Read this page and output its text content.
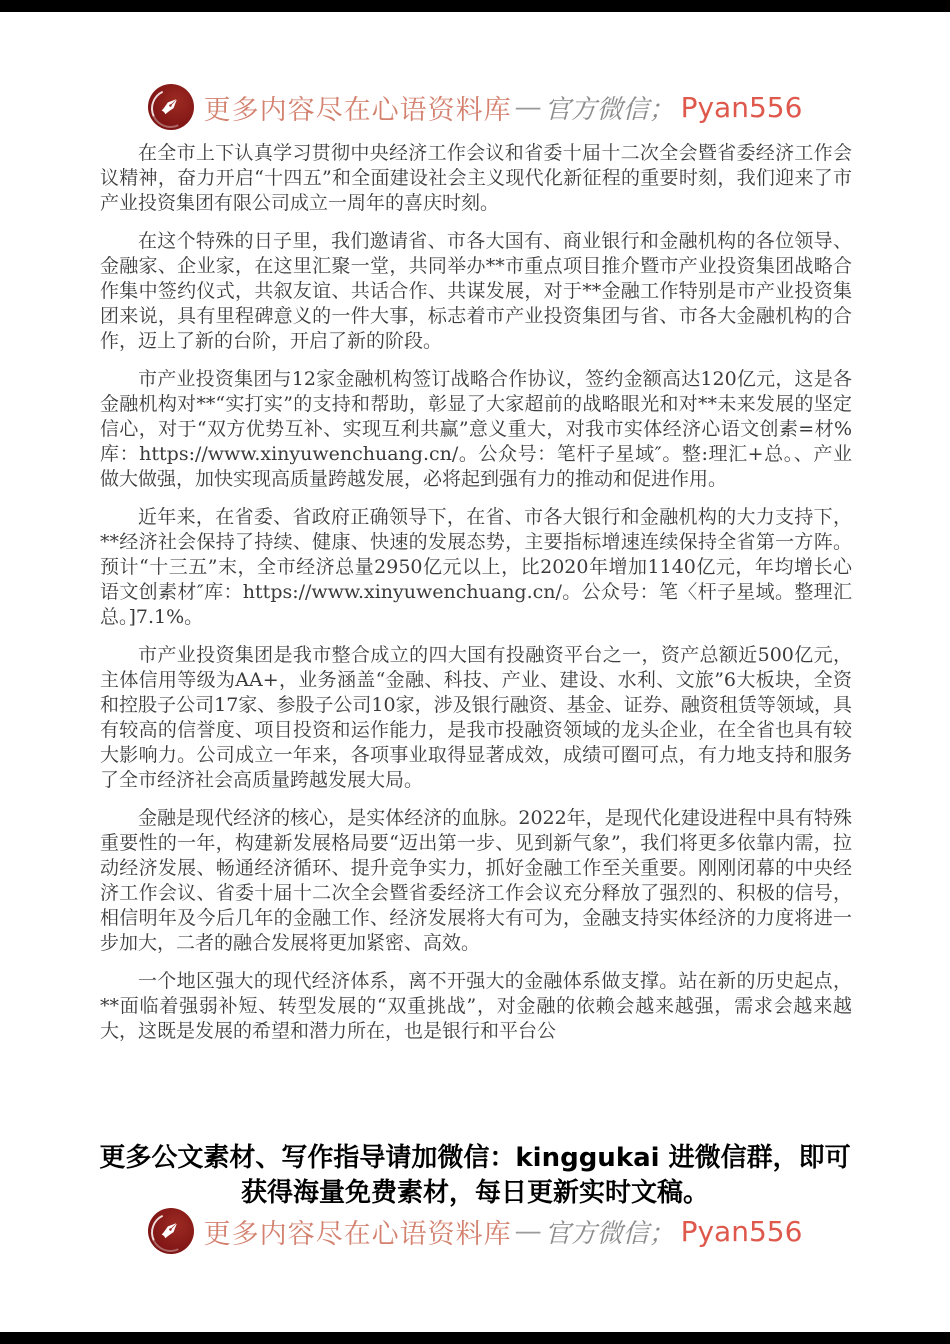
✒ 更多内容尽在心语资料库 — 官方微信； Pyan556

在全市上下认真学习贯彻中央经济工作会议和省委十届十二次全会暨省委经济工作会议精神，奋力开启“十四五”和全面建设社会主义现代化新征程的重要时刻，我们迎来了市产业投资集团有限公司成立一周年的喜庆时刻。

在这个特殊的日子里，我们邀请省、市各大国有、商业银行和金融机构的各位领导、金融家、企业家，在这里汇聚一堂，共同举办**市重点项目推介暨市产业投资集团战略合作集中签约仪式，共叙友谊、共话合作、共谋发展，对于**金融工作特别是市产业投资集团来说，具有里程碑意义的一件大事，标志着市产业投资集团与省、市各大金融机构的合作，迈上了新的台阶，开启了新的阶段。

市产业投资集团与12家金融机构签订战略合作协议，签约金额高达120亿元，这是各金融机构对**“实打实”的支持和帮助，彰显了大家超前的战略眼光和对**未来发展的坚定信心，对于“双方优势互补、实现互利共赢”意义重大，对我市实体经济心语文创素=材%库：https://www.xinyuwenchuang.cn/。公众号：笔杆子星域″。整:理汇+总。、产业做大做强，加快实现高质量跨越发展，必将起到强有力的推动和促进作用。

近年来，在省委、省政府正确领导下，在省、市各大银行和金融机构的大力支持下，**经济社会保持了持续、健康、快速的发展态势，主要指标增速连续保持全省第一方阵。预计“十三五”末，全市经济总量2950亿元以上，比2020年增加1140亿元，年均增长心语文创素材″库：https://www.xinyuwenchuang.cn/。公众号：笔〈杆子星域。整理汇总。]7.1%。

市产业投资集团是我市整合成立的四大国有投融资平台之一，资产总额近500亿元，主体信用等级为AA+，业务涵盖“金融、科技、产业、建设、水利、文旅”6大板块，全资和控股子公司17家、参股子公司10家，涉及银行融资、基金、证券、融资租赁等领域，具有较高的信誉度、项目投资和运作能力，是我市投融资领域的龙头企业，在全省也具有较大影响力。公司成立一年来，各项事业取得显著成效，成绩可圈可点，有力地支持和服务了全市经济社会高质量跨越发展大局。

金融是现代经济的核心，是实体经济的血脉。2022年，是现代化建设进程中具有特殊重要性的一年，构建新发展格局要“迈出第一步、见到新气象”，我们将更多依靠内需，拉动经济发展、畅通经济循环、提升竞争实力，抓好金融工作至关重要。刚刚闭幕的中央经济工作会议、省委十届十二次全会暨省委经济工作会议充分释放了强烈的、积极的信号，相信明年及今后几年的金融工作、经济发展将大有可为，金融支持实体经济的力度将进一步加大，二者的融合发展将更加紧密、高效。

一个地区强大的现代经济体系，离不开强大的金融体系做支撑。站在新的历史起点，**面临着强弱补短、转型发展的“双重挑战”，对金融的依赖会越来越强，需求会越来越大，这既是发展的希望和潜力所在，也是银行和平台公

更多公文素材、写作指导请加微信：kinggukai 进微信群，即可
获得海量免费素材，每日更新实时文稿。
✒ 更多内容尽在心语资料库 — 官方微信； Pyan556
